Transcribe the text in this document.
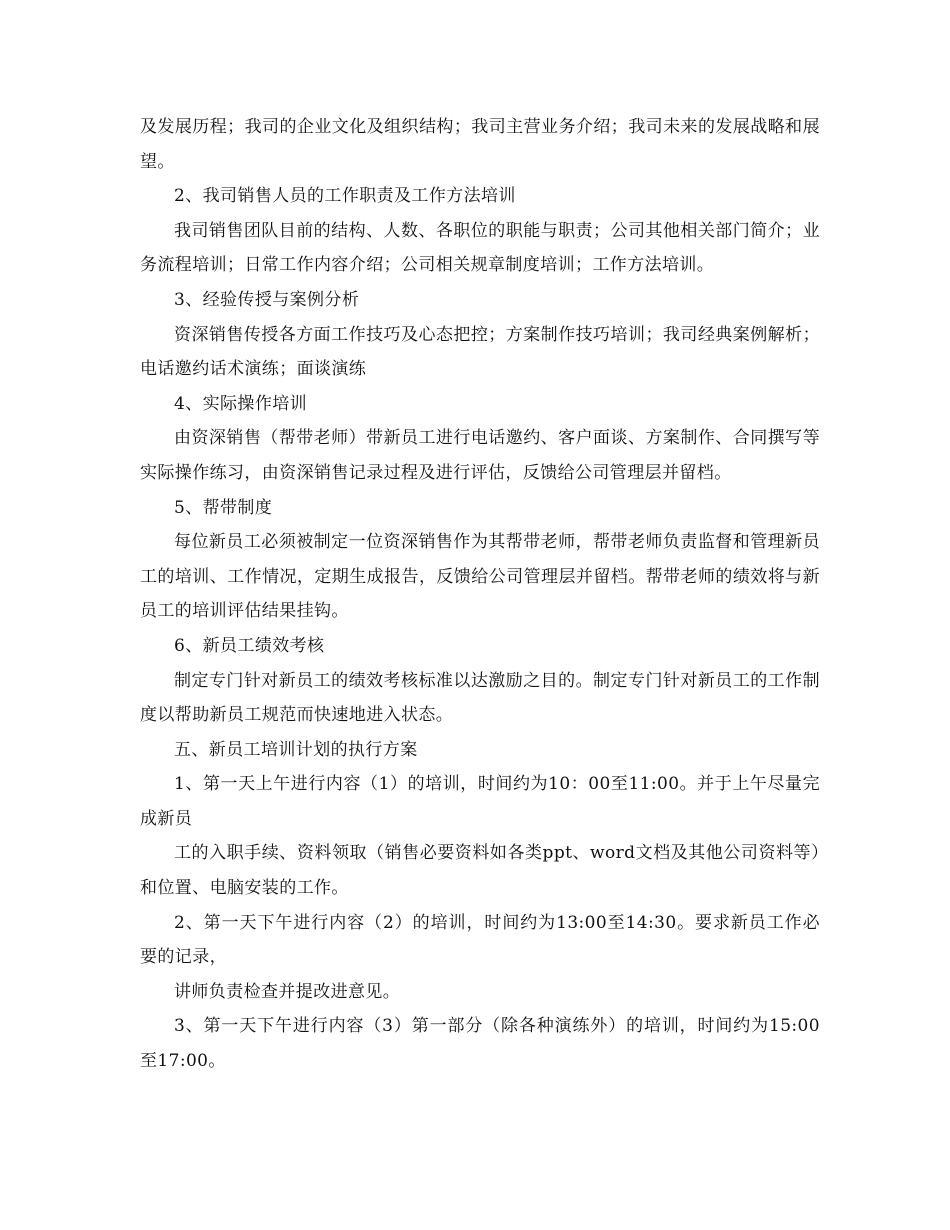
及发展历程；我司的企业文化及组织结构；我司主营业务介绍；我司未来的发展战略和展望。

2、我司销售人员的工作职责及工作方法培训

我司销售团队目前的结构、人数、各职位的职能与职责；公司其他相关部门简介；业务流程培训；日常工作内容介绍；公司相关规章制度培训；工作方法培训。

3、经验传授与案例分析

资深销售传授各方面工作技巧及心态把控；方案制作技巧培训；我司经典案例解析；电话邀约话术演练；面谈演练

4、实际操作培训

由资深销售（帮带老师）带新员工进行电话邀约、客户面谈、方案制作、合同撰写等实际操作练习，由资深销售记录过程及进行评估，反馈给公司管理层并留档。

5、帮带制度

每位新员工必须被制定一位资深销售作为其帮带老师，帮带老师负责监督和管理新员工的培训、工作情况，定期生成报告，反馈给公司管理层并留档。帮带老师的绩效将与新员工的培训评估结果挂钩。

6、新员工绩效考核

制定专门针对新员工的绩效考核标准以达激励之目的。制定专门针对新员工的工作制度以帮助新员工规范而快速地进入状态。

五、新员工培训计划的执行方案

1、第一天上午进行内容（1）的培训，时间约为10：00至11:00。并于上午尽量完成新员

工的入职手续、资料领取（销售必要资料如各类ppt、word文档及其他公司资料等）和位置、电脑安装的工作。

2、第一天下午进行内容（2）的培训，时间约为13:00至14:30。要求新员工作必要的记录，

讲师负责检查并提改进意见。

3、第一天下午进行内容（3）第一部分（除各种演练外）的培训，时间约为15:00至17:00。
